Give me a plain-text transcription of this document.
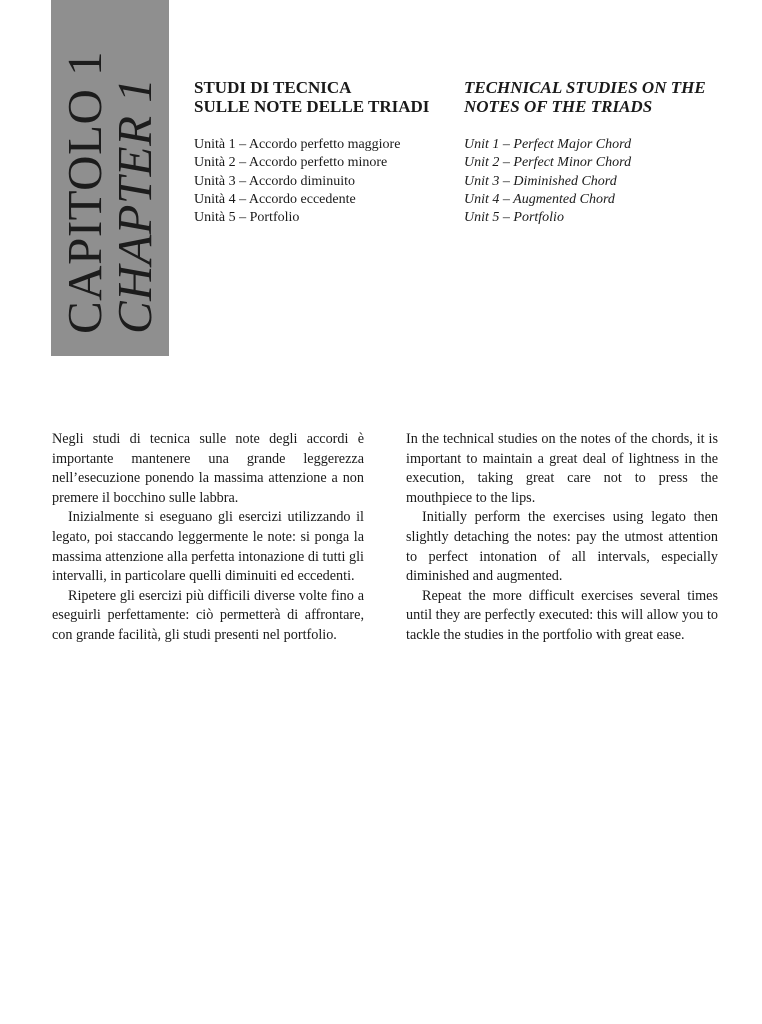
CAPITOLO 1
CHAPTER 1 STUDI DI TECNICA
SULLE NOTE DELLE TRIADI
Unità 1 – Accordo perfetto maggiore
Unità 2 – Accordo perfetto minore
Unità 3 – Accordo diminuito
Unità 4 – Accordo eccedente
Unità 5 – Portfolio
TECHNICAL STUDIES ON THE
NOTES OF THE TRIADS
Unit 1 – Perfect Major Chord
Unit 2 – Perfect Minor Chord
Unit 3 – Diminished Chord
Unit 4 – Augmented Chord
Unit 5 – Portfolio

Negli studi di tecnica sulle note degli accordi è importante mantenere una grande leggerezza nell’esecuzione ponendo la massima attenzione a non premere il bocchino sulle labbra.

Inizialmente si eseguano gli esercizi utilizzando il legato, poi staccando leggermente le note: si ponga la massima attenzione alla perfetta intonazione di tutti gli intervalli, in particolare quelli diminuiti ed eccedenti.

Ripetere gli esercizi più difficili diverse volte fino a eseguirli perfettamente: ciò permetterà di affrontare, con grande facilità, gli studi presenti nel portfolio.

In the technical studies on the notes of the chords, it is important to maintain a great deal of lightness in the execution, taking great care not to press the mouthpiece to the lips.

Initially perform the exercises using legato then slightly detaching the notes: pay the utmost attention to perfect intonation of all intervals, especially diminished and augmented.

Repeat the more difficult exercises several times until they are perfectly executed: this will allow you to tackle the studies in the portfolio with great ease.
